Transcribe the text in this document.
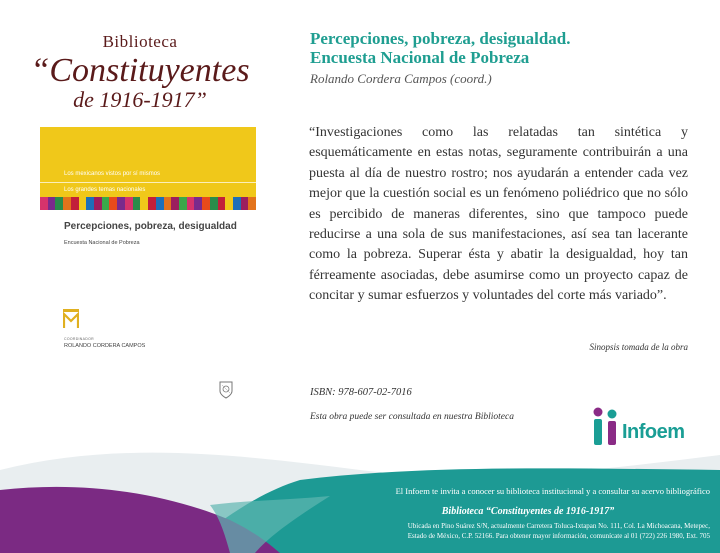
Biblioteca
“Constituyentes
de 1916-1917”
Los mexicanos vistos por sí mismos
Los grandes temas nacionales
Percepciones, pobreza, desigualdad
Encuesta Nacional de Pobreza
COORDINADOR
ROLANDO CORDERA CAMPOS
Percepciones, pobreza, desigualdad.
Encuesta Nacional de Pobreza
Rolando Cordera Campos (coord.)

“Investigaciones como las relatadas tan sintética y esquemáticamente en estas notas, seguramente contribuirán a una puesta al día de nuestro rostro; nos ayudarán a entender cada vez mejor que la cuestión social es un fenómeno poliédrico que no sólo es percibido de maneras diferentes, sino que tampoco puede reducirse a una sola de sus manifestaciones, así sea tan lacerante como la pobreza. Superar ésta y abatir la desigualdad, hoy tan férreamente asociadas, debe asumirse como un proyecto capaz de concitar y sumar esfuerzos y voluntades del corte más variado”.

Sinopsis tomada de la obra
ISBN: 978-607-02-7016
Esta obra puede ser consultada en nuestra Biblioteca
Infoem
El Infoem te invita a conocer su biblioteca institucional y a consultar su acervo bibliográfico
Biblioteca “Constituyentes de 1916-1917”
Ubicada en Pino Suárez S/N, actualmente Carretera Toluca-Ixtapan No. 111, Col. La Michoacana, Metepec,
Estado de México, C.P. 52166. Para obtener mayor información, comunícate al 01 (722) 226 1980, Ext. 705
